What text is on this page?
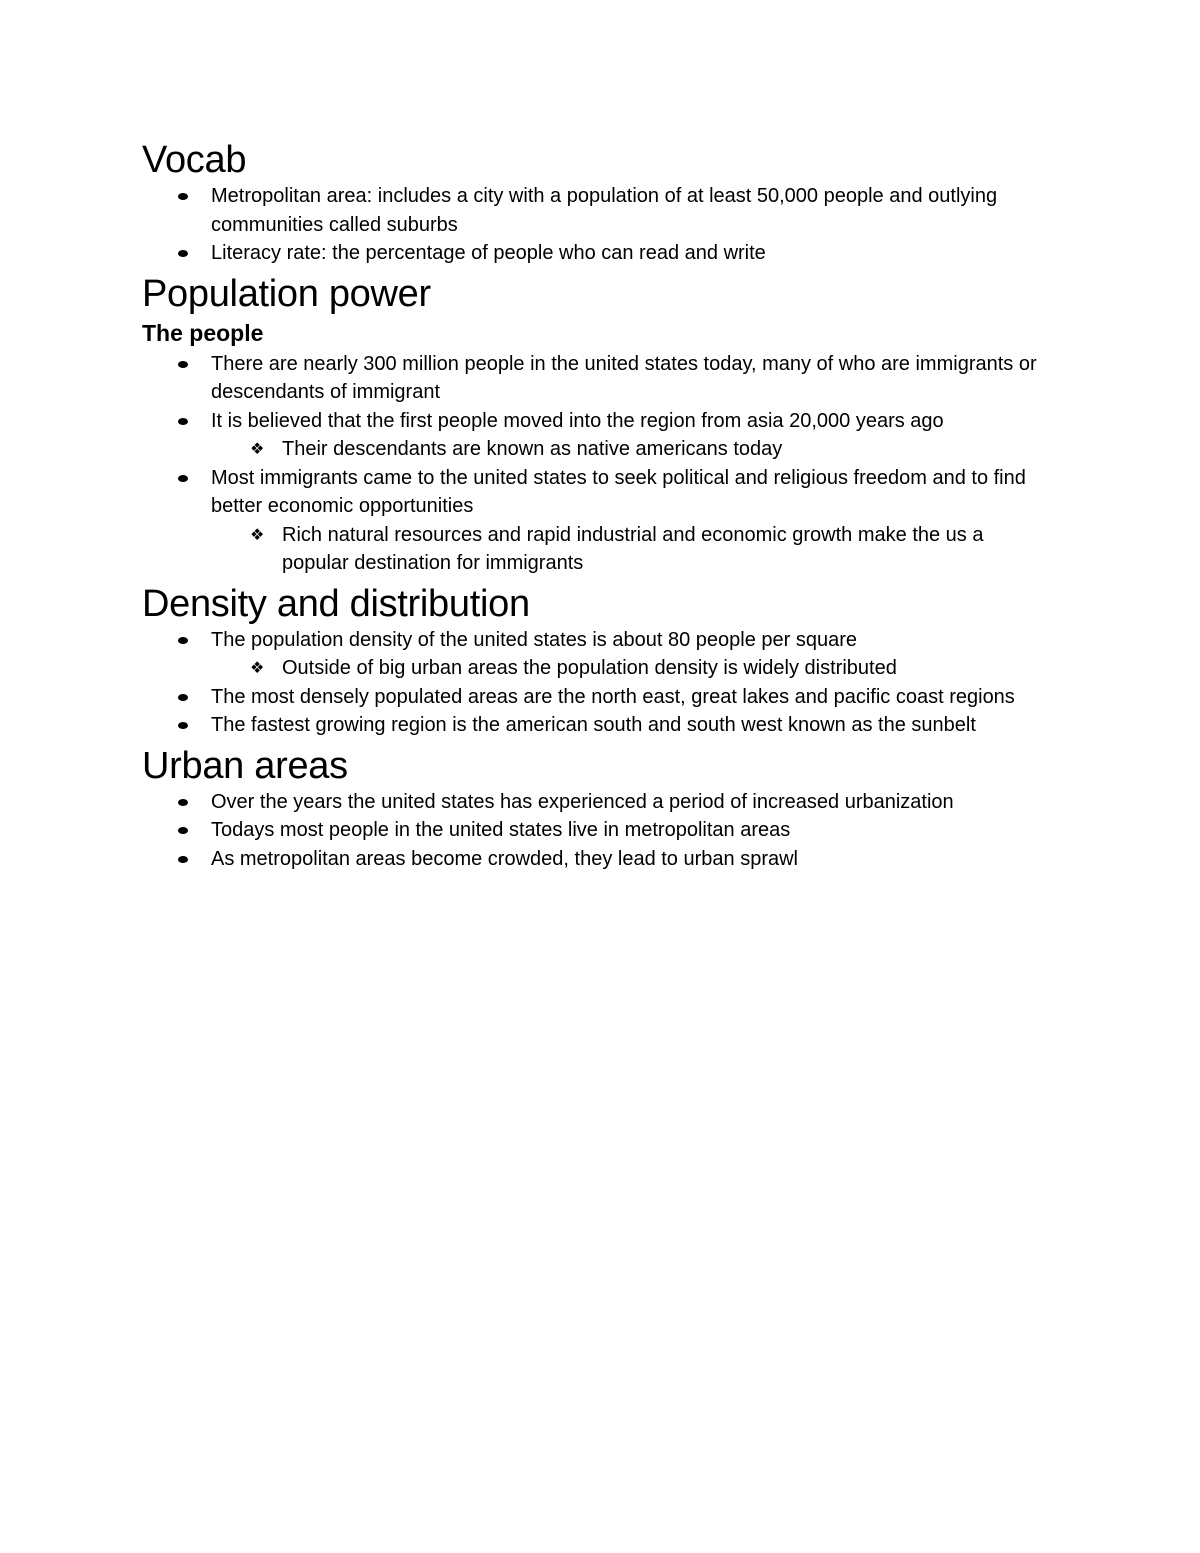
Vocab
Metropolitan area: includes a city with a population of at least 50,000 people and outlying communities called suburbs
Literacy rate: the percentage of people who can read and write
Population power
The people
There are nearly 300 million people in the united states today, many of who are immigrants or descendants of immigrant
It is believed that the first people moved into the region from asia 20,000 years ago
❖ Their descendants are known as native americans today
Most immigrants came to the united states to seek political and religious freedom and to find better economic opportunities
❖ Rich natural resources and rapid industrial and economic growth make the us a popular destination for immigrants
Density and distribution
The population density of the united states is about 80 people per square
❖ Outside of big urban areas the population density is widely distributed
The most densely populated areas are the north east, great lakes and pacific coast regions
The fastest growing region is the american south and south west known as the sunbelt
Urban areas
Over the years the united states has experienced a period of increased urbanization
Todays most people in the united states live in metropolitan areas
As metropolitan areas become crowded, they lead to urban sprawl
